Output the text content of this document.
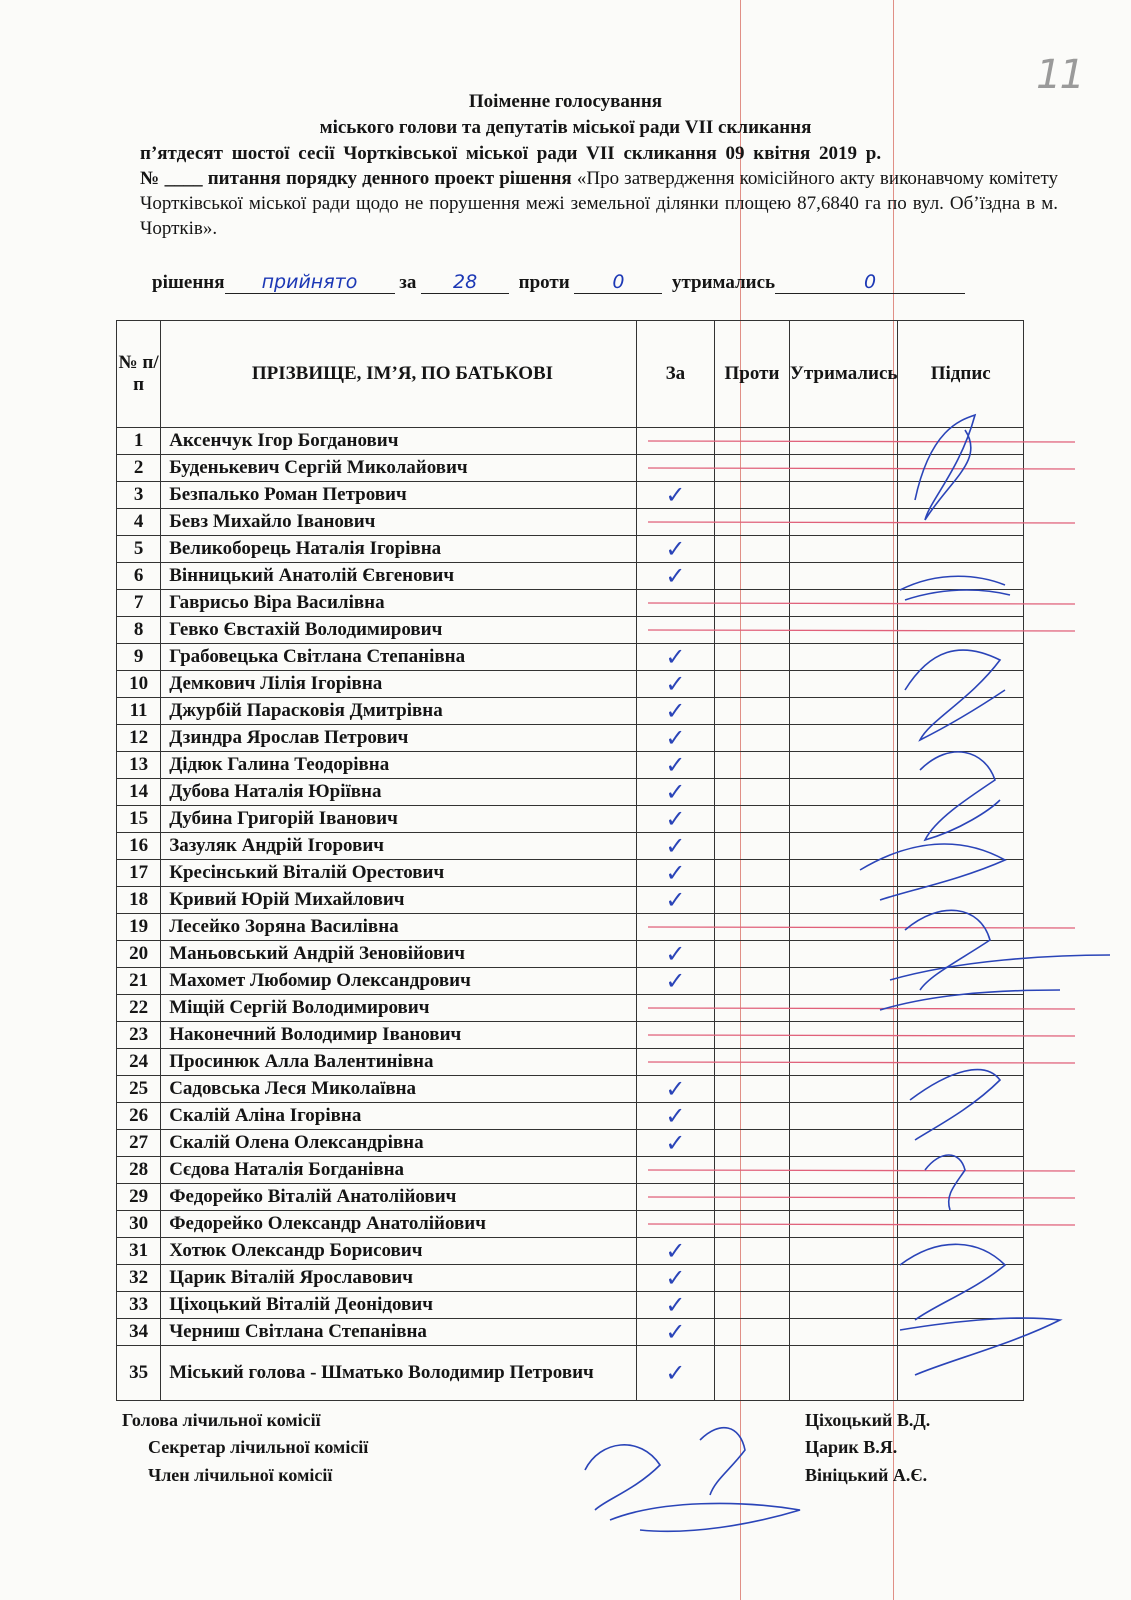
11
Поіменне голосування
міського голови та депутатів міської ради VІІ скликання
п’ятдесят шостої сесії Чортківської міської ради VІІ скликання 09 квітня 2019 р.
№ ____ питання порядку денного проект рішення «Про затвердження комісійного акту виконавчому комітету Чортківської міської ради щодо не порушення межі земельної ділянки площею 87,6840 га по вул. Об’їздна в м. Чортків».
рішення прийнято за 28 проти 0 утримались	0
№ п/п	ПРІЗВИЩЕ, ІМ’Я, ПО БАТЬКОВІ	За	Проти	Утримались	Підпис
1	Аксенчук Ігор Богданович				
2	Буденькевич Сергій Миколайович				
3	Безпалько Роман Петрович	✓			
4	Бевз Михайло Іванович				
5	Великоборець Наталія Ігорівна	✓			
6	Вінницький Анатолій Євгенович	✓			
7	Гаврисьо Віра Василівна				
8	Гевко Євстахій Володимирович				
9	Грабовецька Світлана Степанівна	✓			
10	Демкович Лілія Ігорівна	✓			
11	Джурбій Парасковія Дмитрівна	✓			
12	Дзиндра Ярослав Петрович	✓			
13	Дідюк Галина Теодорівна	✓			
14	Дубова Наталія Юріївна	✓			
15	Дубина Григорій Іванович	✓			
16	Зазуляк Андрій Ігорович	✓			
17	Кресінський Віталій Орестович	✓			
18	Кривий Юрій Михайлович	✓			
19	Лесейко Зоряна Василівна				
20	Маньовський Андрій Зеновійович	✓			
21	Махомет Любомир Олександрович	✓			
22	Міщій Сергій Володимирович				
23	Наконечний Володимир Іванович				
24	Просинюк Алла Валентинівна				
25	Садовська Леся Миколаївна	✓			
26	Скалій Аліна Ігорівна	✓			
27	Скалій Олена Олександрівна	✓			
28	Сєдова Наталія Богданівна				
29	Федорейко Віталій Анатолійович				
30	Федорейко Олександр Анатолійович				
31	Хотюк Олександр Борисович	✓			
32	Царик Віталій Ярославович	✓			
33	Ціхоцький Віталій Деонідович	✓			
34	Черниш Світлана Степанівна	✓			
35	Міський голова - Шматько Володимир Петрович	✓			
Голова лічильної комісії
Секретар лічильної комісії
Член лічильної комісії
Ціхоцький В.Д.
Царик В.Я.
Вініцький А.Є.
